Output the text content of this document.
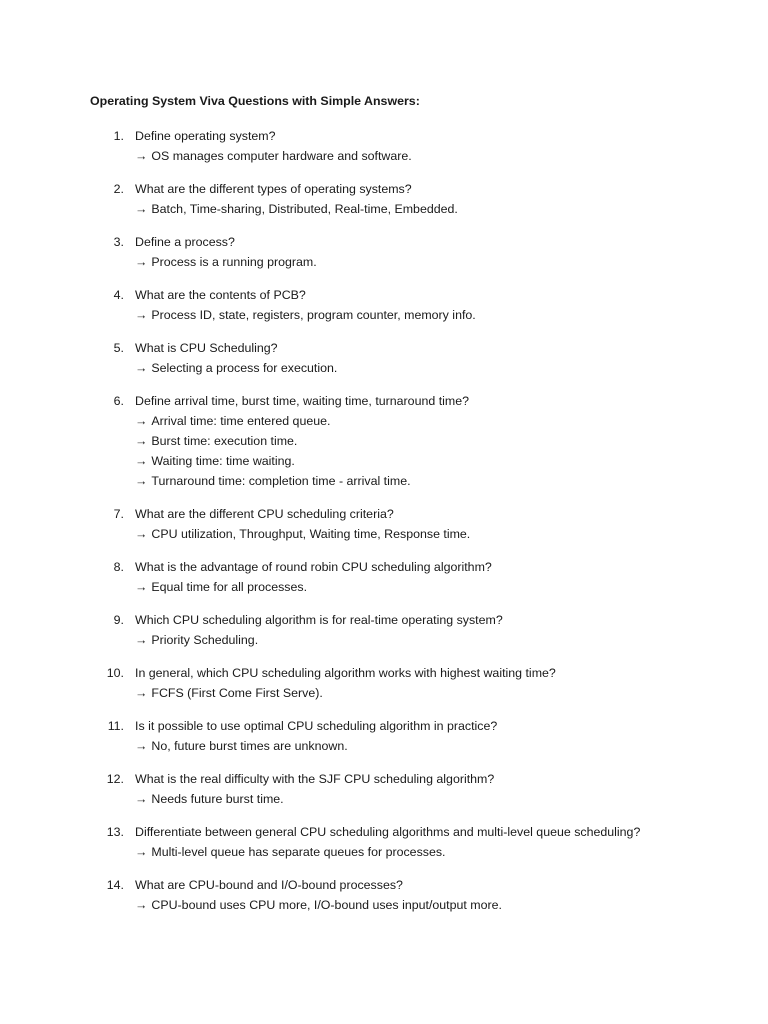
Operating System Viva Questions with Simple Answers:
1. Define operating system?
→ OS manages computer hardware and software.
2. What are the different types of operating systems?
→ Batch, Time-sharing, Distributed, Real-time, Embedded.
3. Define a process?
→ Process is a running program.
4. What are the contents of PCB?
→ Process ID, state, registers, program counter, memory info.
5. What is CPU Scheduling?
→ Selecting a process for execution.
6. Define arrival time, burst time, waiting time, turnaround time?
→ Arrival time: time entered queue.
→ Burst time: execution time.
→ Waiting time: time waiting.
→ Turnaround time: completion time - arrival time.
7. What are the different CPU scheduling criteria?
→ CPU utilization, Throughput, Waiting time, Response time.
8. What is the advantage of round robin CPU scheduling algorithm?
→ Equal time for all processes.
9. Which CPU scheduling algorithm is for real-time operating system?
→ Priority Scheduling.
10. In general, which CPU scheduling algorithm works with highest waiting time?
→ FCFS (First Come First Serve).
11. Is it possible to use optimal CPU scheduling algorithm in practice?
→ No, future burst times are unknown.
12. What is the real difficulty with the SJF CPU scheduling algorithm?
→ Needs future burst time.
13. Differentiate between general CPU scheduling algorithms and multi-level queue scheduling?
→ Multi-level queue has separate queues for processes.
14. What are CPU-bound and I/O-bound processes?
→ CPU-bound uses CPU more, I/O-bound uses input/output more.
